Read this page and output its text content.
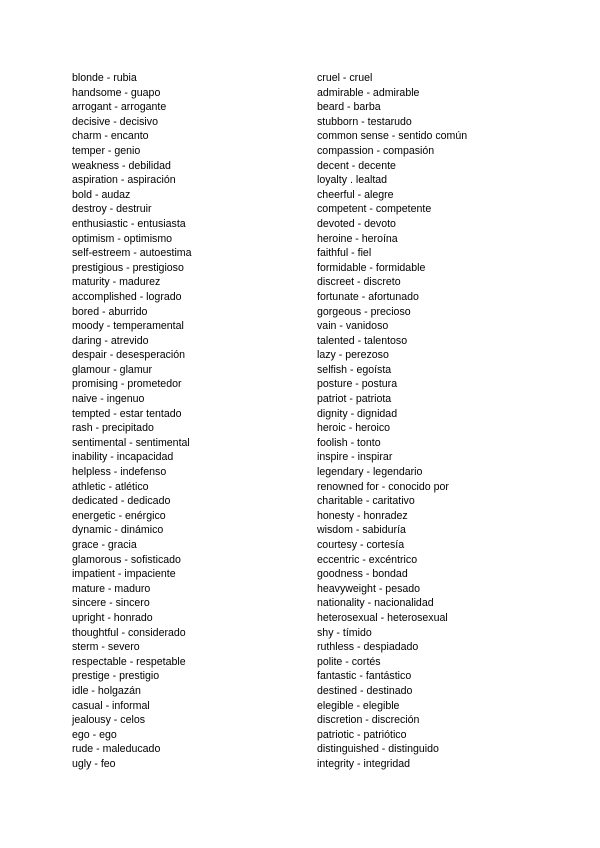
blonde - rubia
handsome - guapo
arrogant - arrogante
decisive - decisivo
charm - encanto
temper - genio
weakness - debilidad
aspiration - aspiración
bold - audaz
destroy - destruir
enthusiastic - entusiasta
optimism - optimismo
self-estreem - autoestima
prestigious - prestigioso
maturity - madurez
accomplished - logrado
bored - aburrido
moody - temperamental
daring - atrevido
despair - desesperación
glamour - glamur
promising - prometedor
naive - ingenuo
tempted - estar tentado
rash - precipitado
sentimental - sentimental
inability - incapacidad
helpless - indefenso
athletic - atlético
dedicated - dedicado
energetic - enérgico
dynamic - dinámico
grace - gracia
glamorous - sofisticado
impatient - impaciente
mature - maduro
sincere - sincero
upright - honrado
thoughtful - considerado
sterm - severo
respectable - respetable
prestige - prestigio
idle - holgazán
casual - informal
jealousy - celos
ego - ego
rude - maleducado
ugly - feo
cruel - cruel
admirable - admirable
beard - barba
stubborn - testarudo
common sense - sentido común
compassion - compasión
decent - decente
loyalty . lealtad
cheerful - alegre
competent - competente
devoted - devoto
heroine - heroína
faithful - fiel
formidable - formidable
discreet - discreto
fortunate - afortunado
gorgeous - precioso
vain - vanidoso
talented - talentoso
lazy - perezoso
selfish - egoísta
posture - postura
patriot - patriota
dignity - dignidad
heroic - heroico
foolish - tonto
inspire - inspirar
legendary - legendario
renowned for - conocido por
charitable - caritativo
honesty - honradez
wisdom - sabiduría
courtesy - cortesía
eccentric - excéntrico
goodness - bondad
heavyweight - pesado
nationality - nacionalidad
heterosexual - heterosexual
shy - tímido
ruthless - despiadado
polite - cortés
fantastic - fantástico
destined - destinado
elegible - elegible
discretion - discreción
patriotic - patriótico
distinguished - distinguido
integrity - integridad
